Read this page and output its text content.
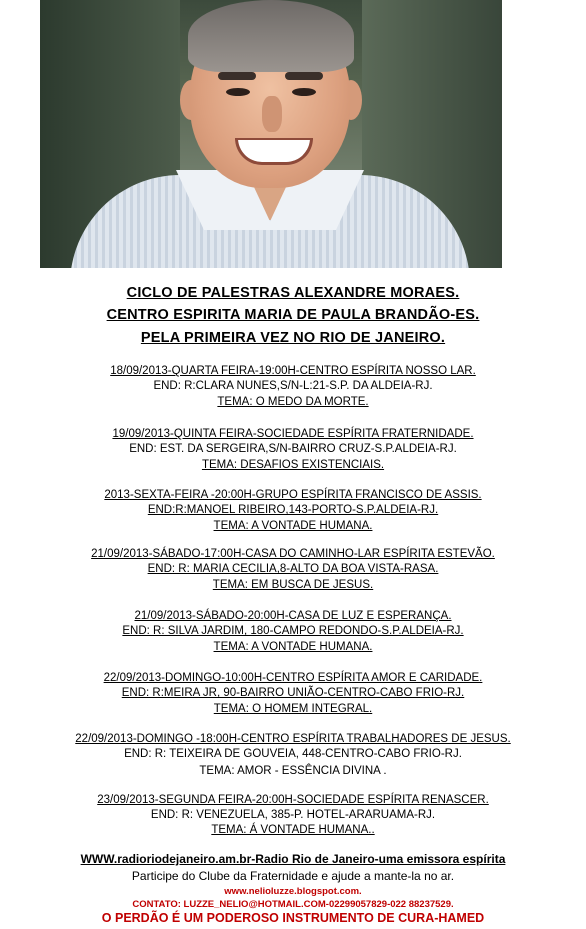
CICLO DE PALESTRAS ALEXANDRE MORAES.
CENTRO ESPIRITA MARIA DE PAULA BRANDÃO-ES.
PELA PRIMEIRA VEZ NO RIO DE JANEIRO.
18/09/2013-QUARTA FEIRA-19:00H-CENTRO ESPÍRITA NOSSO LAR.
END: R:CLARA NUNES,S/N-L:21-S.P. DA ALDEIA-RJ.
TEMA: O MEDO DA MORTE.
19/09/2013-QUINTA FEIRA-SOCIEDADE ESPÍRITA FRATERNIDADE.
END: EST. DA SERGEIRA,S/N-BAIRRO CRUZ-S.P.ALDEIA-RJ.
TEMA: DESAFIOS EXISTENCIAIS.
2013-SEXTA-FEIRA -20:00H-GRUPO ESPÍRITA FRANCISCO DE ASSIS.
END:R:MANOEL RIBEIRO,143-PORTO-S.P.ALDEIA-RJ.
TEMA: A VONTADE HUMANA.
21/09/2013-SÁBADO-17:00H-CASA DO CAMINHO-LAR ESPÍRITA ESTEVÃO.
END: R: MARIA CECILIA,8-ALTO DA BOA VISTA-RASA.
TEMA: EM BUSCA DE JESUS.
21/09/2013-SÁBADO-20:00H-CASA DE LUZ E ESPERANÇA.
END: R: SILVA JARDIM, 180-CAMPO REDONDO-S.P.ALDEIA-RJ.
TEMA: A VONTADE HUMANA.
22/09/2013-DOMINGO-10:00H-CENTRO ESPÍRITA AMOR E CARIDADE.
END: R:MEIRA JR, 90-BAIRRO UNIÃO-CENTRO-CABO FRIO-RJ.
TEMA: O HOMEM INTEGRAL.
22/09/2013-DOMINGO -18:00H-CENTRO ESPÍRITA TRABALHADORES DE JESUS.
END: R: TEIXEIRA DE GOUVEIA, 448-CENTRO-CABO FRIO-RJ.
TEMA: AMOR - ESSÊNCIA DIVINA .
23/09/2013-SEGUNDA FEIRA-20:00H-SOCIEDADE ESPÍRITA RENASCER.
END: R: VENEZUELA, 385-P. HOTEL-ARARUAMA-RJ.
TEMA: Á VONTADE HUMANA..
WWW.radioriodejaneiro.am.br-Radio Rio de Janeiro-uma emissora espírita
Participe do Clube da Fraternidade e ajude a mante-la no ar.
www.nelioluzze.blogspot.com.
CONTATO: LUZZE_NELIO@HOTMAIL.COM-02299057829-022 88237529.
O PERDÃO É UM PODEROSO INSTRUMENTO DE CURA-HAMED
